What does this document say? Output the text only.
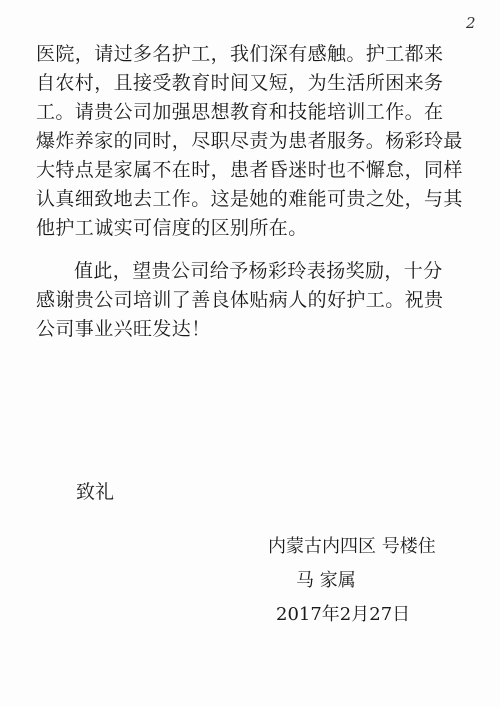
2
医院，请过多名护工，我们深有感触。护工都来
自农村，且接受教育时间又短，为生活所困来务
工。请贵公司加强思想教育和技能培训工作。在
爆炸养家的同时，尽职尽责为患者服务。杨彩玲最
大特点是家属不在时，患者昏迷时也不懈怠，同样
认真细致地去工作。这是她的难能可贵之处，与其
他护工诚实可信度的区别所在。
值此，望贵公司给予杨彩玲表扬奖励，十分
感谢贵公司培训了善良体贴病人的好护工。祝贵
公司事业兴旺发达！
致礼
内蒙古内四区 号楼住
马 家属
2017年2月27日
